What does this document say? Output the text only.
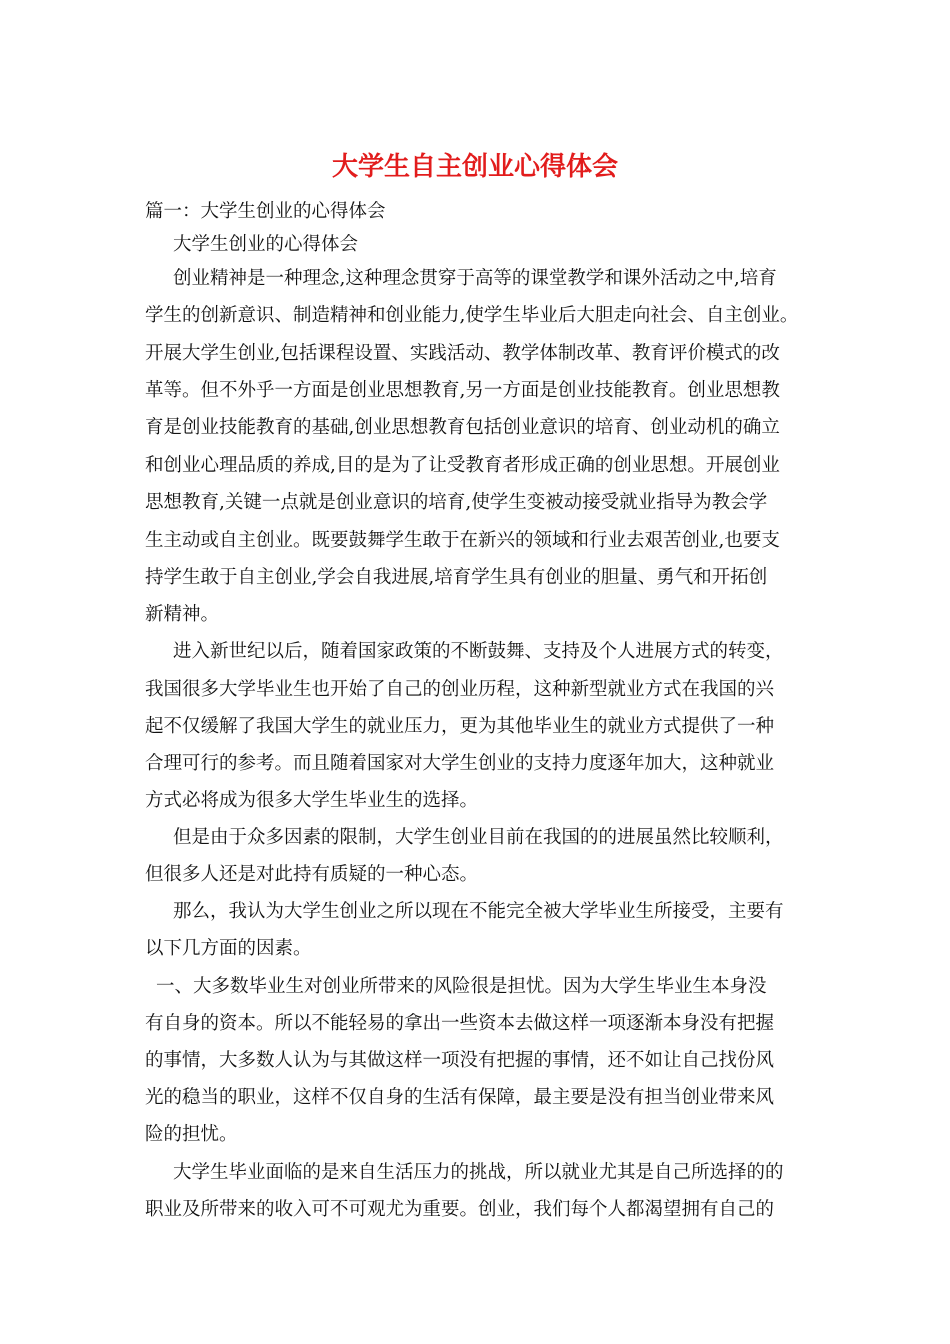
大学生自主创业心得体会

篇一：大学生创业的心得体会

大学生创业的心得体会

创业精神是一种理念,这种理念贯穿于高等的课堂教学和课外活动之中,培育

学生的创新意识、制造精神和创业能力,使学生毕业后大胆走向社会、自主创业。

开展大学生创业,包括课程设置、实践活动、教学体制改革、教育评价模式的改

革等。但不外乎一方面是创业思想教育,另一方面是创业技能教育。创业思想教

育是创业技能教育的基础,创业思想教育包括创业意识的培育、创业动机的确立

和创业心理品质的养成,目的是为了让受教育者形成正确的创业思想。开展创业

思想教育,关键一点就是创业意识的培育,使学生变被动接受就业指导为教会学

生主动或自主创业。既要鼓舞学生敢于在新兴的领域和行业去艰苦创业,也要支

持学生敢于自主创业,学会自我进展,培育学生具有创业的胆量、勇气和开拓创

新精神。

进入新世纪以后，随着国家政策的不断鼓舞、支持及个人进展方式的转变，

我国很多大学毕业生也开始了自己的创业历程，这种新型就业方式在我国的兴

起不仅缓解了我国大学生的就业压力，更为其他毕业生的就业方式提供了一种

合理可行的参考。而且随着国家对大学生创业的支持力度逐年加大，这种就业

方式必将成为很多大学生毕业生的选择。

但是由于众多因素的限制，大学生创业目前在我国的的进展虽然比较顺利，

但很多人还是对此持有质疑的一种心态。

那么，我认为大学生创业之所以现在不能完全被大学毕业生所接受，主要有

以下几方面的因素。

一、大多数毕业生对创业所带来的风险很是担忧。因为大学生毕业生本身没

有自身的资本。所以不能轻易的拿出一些资本去做这样一项逐渐本身没有把握

的事情，大多数人认为与其做这样一项没有把握的事情，还不如让自己找份风

光的稳当的职业，这样不仅自身的生活有保障，最主要是没有担当创业带来风

险的担忧。

大学生毕业面临的是来自生活压力的挑战，所以就业尤其是自己所选择的的

职业及所带来的收入可不可观尤为重要。创业，我们每个人都渴望拥有自己的
